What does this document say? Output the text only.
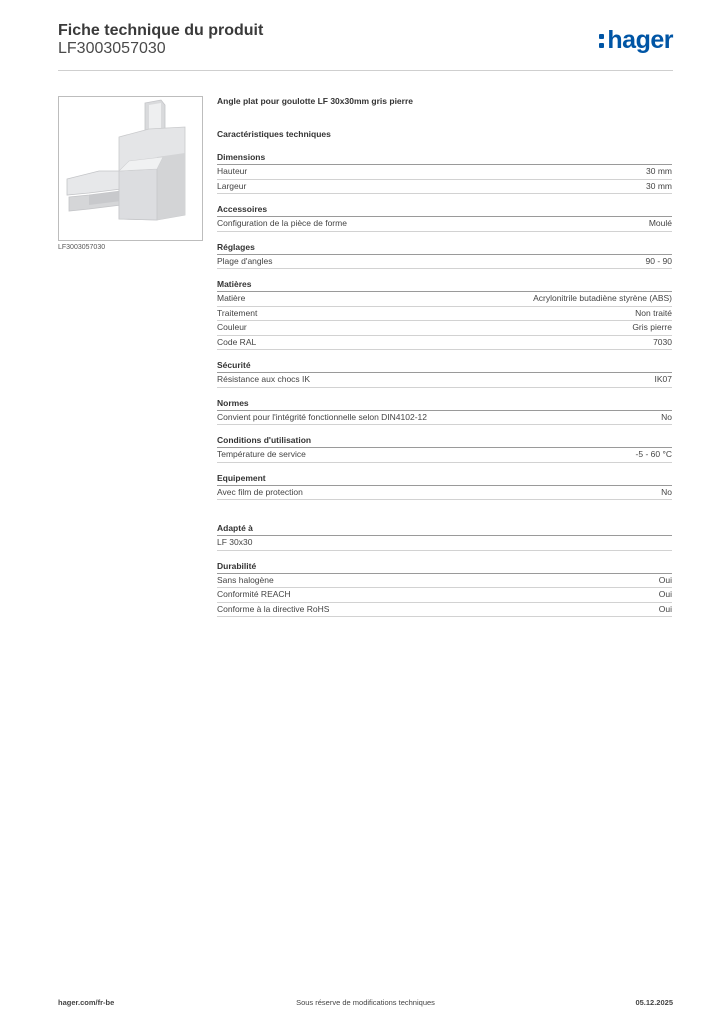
Fiche technique du produit
LF3003057030	hager
LF3003057030
Angle plat pour goulotte LF 30x30mm gris pierre
Caractéristiques techniques
Dimensions
Hauteur	30 mm
Largeur	30 mm
Accessoires
Configuration de la pièce de forme	Moulé
Réglages
Plage d'angles	90 - 90
Matières
Matière	Acrylonitrile butadiène styrène (ABS)
Traitement	Non traité
Couleur	Gris pierre
Code RAL	7030
Sécurité
Résistance aux chocs IK	IK07
Normes
Convient pour l'intégrité fonctionnelle selon DIN4102-12	No
Conditions d'utilisation
Température de service	-5 - 60 °C
Equipement
Avec film de protection	No
Adapté à
LF 30x30
Durabilité
Sans halogène	Oui
Conformité REACH	Oui
Conforme à la directive RoHS	Oui
hager.com/fr-be	Sous réserve de modifications techniques	05.12.2025
